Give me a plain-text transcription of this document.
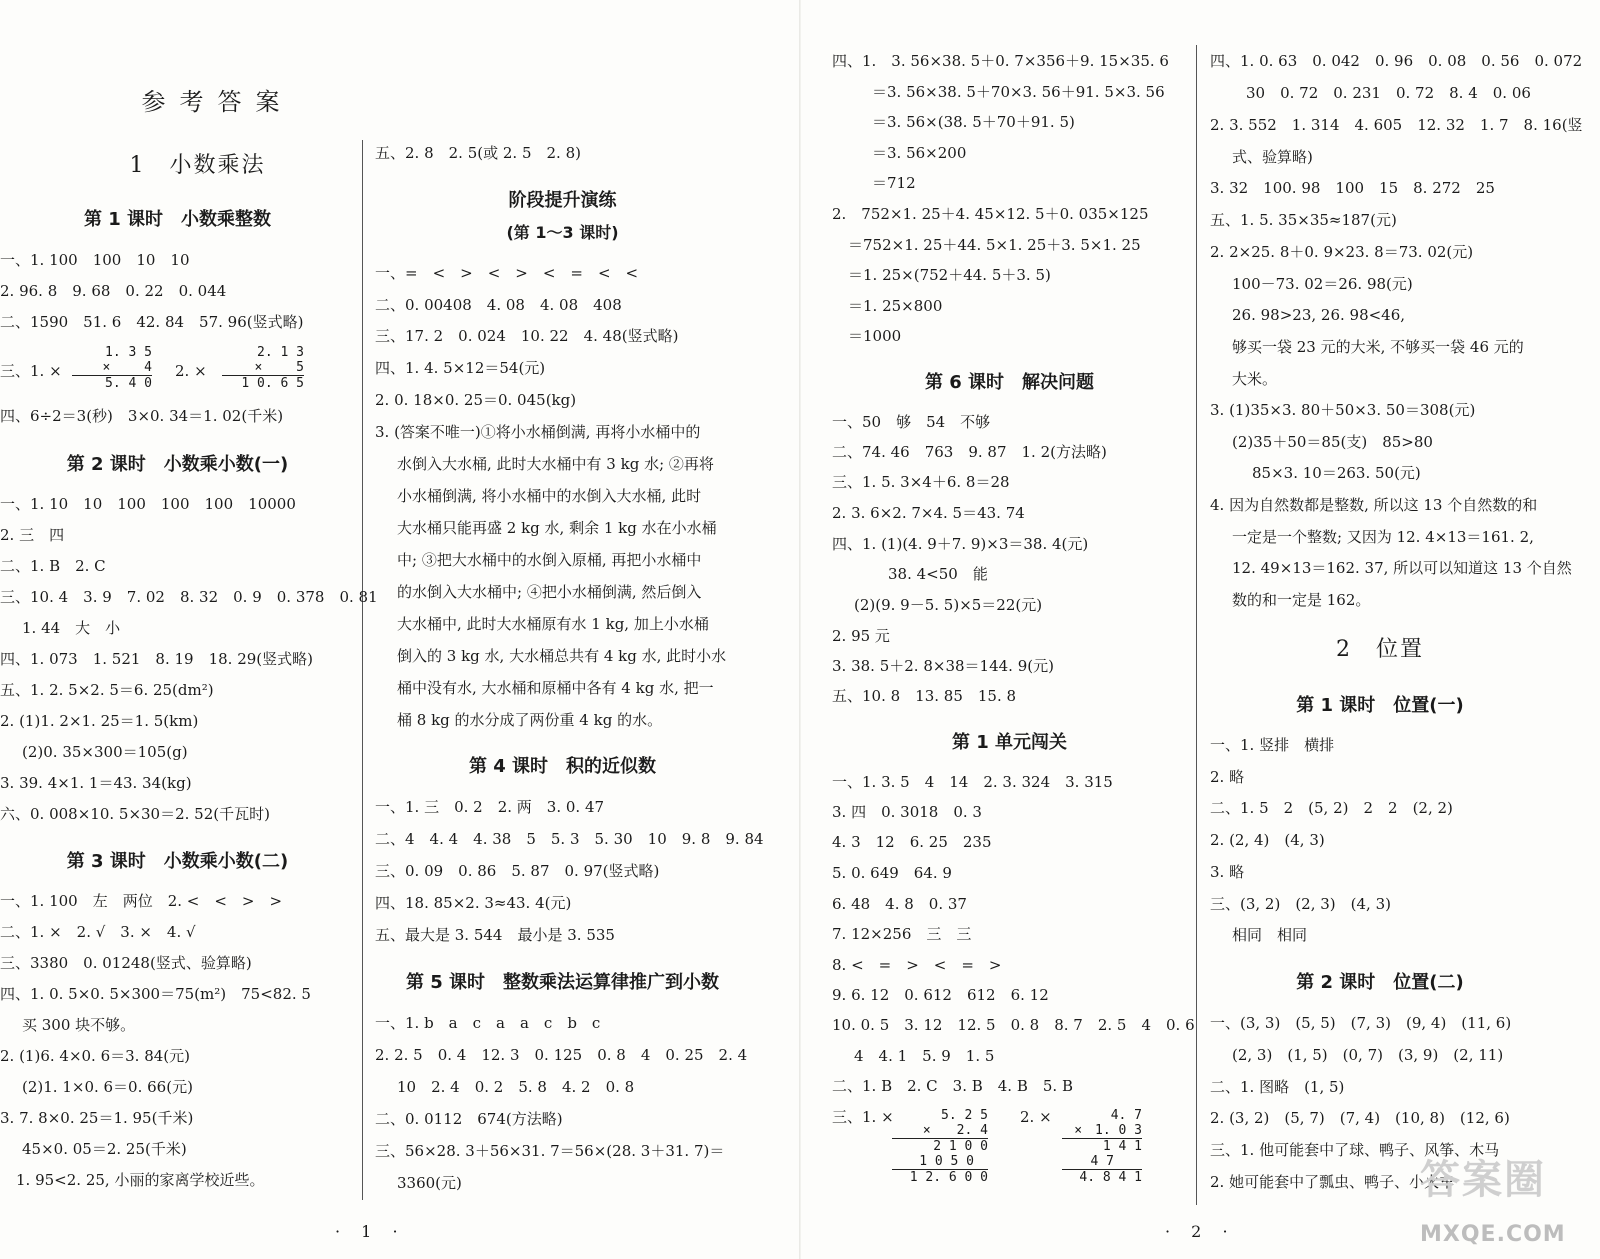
参考答案
1　小数乘法
第 1 课时　小数乘整数
一、1. 100　100　10　10
2. 96. 8　9. 68　0. 22　0. 044
二、1590　51. 6　42. 84　57. 96(竖式略)
三、1. ×
1. 3 5
×　　 4
5. 4 0
2. ×
2. 1 3
×　　 5
1 0. 6 5
四、6÷2＝3(秒)　3×0. 34＝1. 02(千米)
第 2 课时　小数乘小数(一)
一、1. 10　10　100　100　100　10000
2. 三　四
二、1. B　2. C
三、10. 4　3. 9　7. 02　8. 32　0. 9　0. 378　0. 81
1. 44　大　小
四、1. 073　1. 521　8. 19　18. 29(竖式略)
五、1. 2. 5×2. 5＝6. 25(dm²)
2. (1)1. 2×1. 25＝1. 5(km)
(2)0. 35×300＝105(g)
3. 39. 4×1. 1＝43. 34(kg)
六、0. 008×10. 5×30＝2. 52(千瓦时)
第 3 课时　小数乘小数(二)
一、1. 100　左　两位　2. <　<　>　>
二、1. ×　2. √　3. ×　4. √
三、3380　0. 01248(竖式、验算略)
四、1. 0. 5×0. 5×300＝75(m²)　75<82. 5
买 300 块不够。
2. (1)6. 4×0. 6＝3. 84(元)
(2)1. 1×0. 6＝0. 66(元)
3. 7. 8×0. 25＝1. 95(千米)
45×0. 05＝2. 25(千米)
1. 95<2. 25, 小丽的家离学校近些。
五、2. 8　2. 5(或 2. 5　2. 8)
阶段提升演练
(第 1～3 课时)
一、=　<　>　<　>　<　=　<　<
二、0. 00408　4. 08　4. 08　408
三、17. 2　0. 024　10. 22　4. 48(竖式略)
四、1. 4. 5×12＝54(元)
2. 0. 18×0. 25＝0. 045(kg)
3. (答案不唯一)①将小水桶倒满, 再将小水桶中的
水倒入大水桶, 此时大水桶中有 3 kg 水; ②再将
小水桶倒满, 将小水桶中的水倒入大水桶, 此时
大水桶只能再盛 2 kg 水, 剩余 1 kg 水在小水桶
中; ③把大水桶中的水倒入原桶, 再把小水桶中
的水倒入大水桶中; ④把小水桶倒满, 然后倒入
大水桶中, 此时大水桶原有水 1 kg, 加上小水桶
倒入的 3 kg 水, 大水桶总共有 4 kg 水, 此时小水
桶中没有水, 大水桶和原桶中各有 4 kg 水, 把一
桶 8 kg 的水分成了两份重 4 kg 的水。
第 4 课时　积的近似数
一、1. 三　0. 2　2. 两　3. 0. 47
二、4　4. 4　4. 38　5　5. 3　5. 30　10　9. 8　9. 84
三、0. 09　0. 86　5. 87　0. 97(竖式略)
四、18. 85×2. 3≈43. 4(元)
五、最大是 3. 544　最小是 3. 535
第 5 课时　整数乘法运算律推广到小数
一、1. b　a　c　a　a　c　b　c
2. 2. 5　0. 4　12. 3　0. 125　0. 8　4　0. 25　2. 4
10　2. 4　0. 2　5. 8　4. 2　0. 8
二、0. 0112　674(方法略)
三、56×28. 3＋56×31. 7＝56×(28. 3＋31. 7)＝
3360(元)
四、1.　3. 56×38. 5＋0. 7×356＋9. 15×35. 6
＝3. 56×38. 5＋70×3. 56＋91. 5×3. 56
＝3. 56×(38. 5＋70＋91. 5)
＝3. 56×200
＝712
2.　752×1. 25＋4. 45×12. 5＋0. 035×125
＝752×1. 25＋44. 5×1. 25＋3. 5×1. 25
＝1. 25×(752＋44. 5＋3. 5)
＝1. 25×800
＝1000
第 6 课时　解决问题
一、50　够　54　不够
二、74. 46　763　9. 87　1. 2(方法略)
三、1. 5. 3×4＋6. 8＝28
2. 3. 6×2. 7×4. 5＝43. 74
四、1. (1)(4. 9＋7. 9)×3＝38. 4(元)
38. 4<50　能
(2)(9. 9－5. 5)×5＝22(元)
2. 95 元
3. 38. 5＋2. 8×38＝144. 9(元)
五、10. 8　13. 85　15. 8
第 1 单元闯关
一、1. 3. 5　4　14　2. 3. 324　3. 315
3. 四　0. 3018　0. 3
4. 3　12　6. 25　235
5. 0. 649　64. 9
6. 48　4. 8　0. 37
7. 12×256　三　三
8. <　=　>　<　=　>
9. 6. 12　0. 612　612　6. 12
10. 0. 5　3. 12　12. 5　0. 8　8. 7　2. 5　4　0. 6
4　4. 1　5. 9　1. 5
二、1. B　2. C　3. B　4. B　5. B
三、1. ×	5. 2 5
×　　2. 4
2 1 0 0
1 0 5 0
1 2. 6 0 0
2. ×	4. 7
×　1. 0 3
1 4 1
4 7
4. 8 4 1
四、1. 0. 63　0. 042　0. 96　0. 08　0. 56　0. 072
30　0. 72　0. 231　0. 72　8. 4　0. 06
2. 3. 552　1. 314　4. 605　12. 32　1. 7　8. 16(竖
式、验算略)
3. 32　100. 98　100　15　8. 272　25
五、1. 5. 35×35≈187(元)
2. 2×25. 8＋0. 9×23. 8＝73. 02(元)
100－73. 02＝26. 98(元)
26. 98>23, 26. 98<46,
够买一袋 23 元的大米, 不够买一袋 46 元的
大米。
3. (1)35×3. 80＋50×3. 50＝308(元)
(2)35＋50＝85(支)　85>80
85×3. 10＝263. 50(元)
4. 因为自然数都是整数, 所以这 13 个自然数的和
一定是一个整数; 又因为 12. 4×13＝161. 2,
12. 49×13＝162. 37, 所以可以知道这 13 个自然
数的和一定是 162。
2　位置
第 1 课时　位置(一)
一、1. 竖排　横排
2. 略
二、1. 5　2　(5, 2)　2　2　(2, 2)
2. (2, 4)　(4, 3)
3. 略
三、(3, 2)　(2, 3)　(4, 3)
相同　相同
第 2 课时　位置(二)
一、(3, 3)　(5, 5)　(7, 3)　(9, 4)　(11, 6)
(2, 3)　(1, 5)　(0, 7)　(3, 9)　(2, 11)
二、1. 图略　(1, 5)
2. (3, 2)　(5, 7)　(7, 4)　(10, 8)　(12, 6)
三、1. 他可能套中了球、鸭子、风筝、木马
2. 她可能套中了瓢虫、鸭子、小火车
· 1 ·	· 2 ·
答案圈
MXQE.COM
